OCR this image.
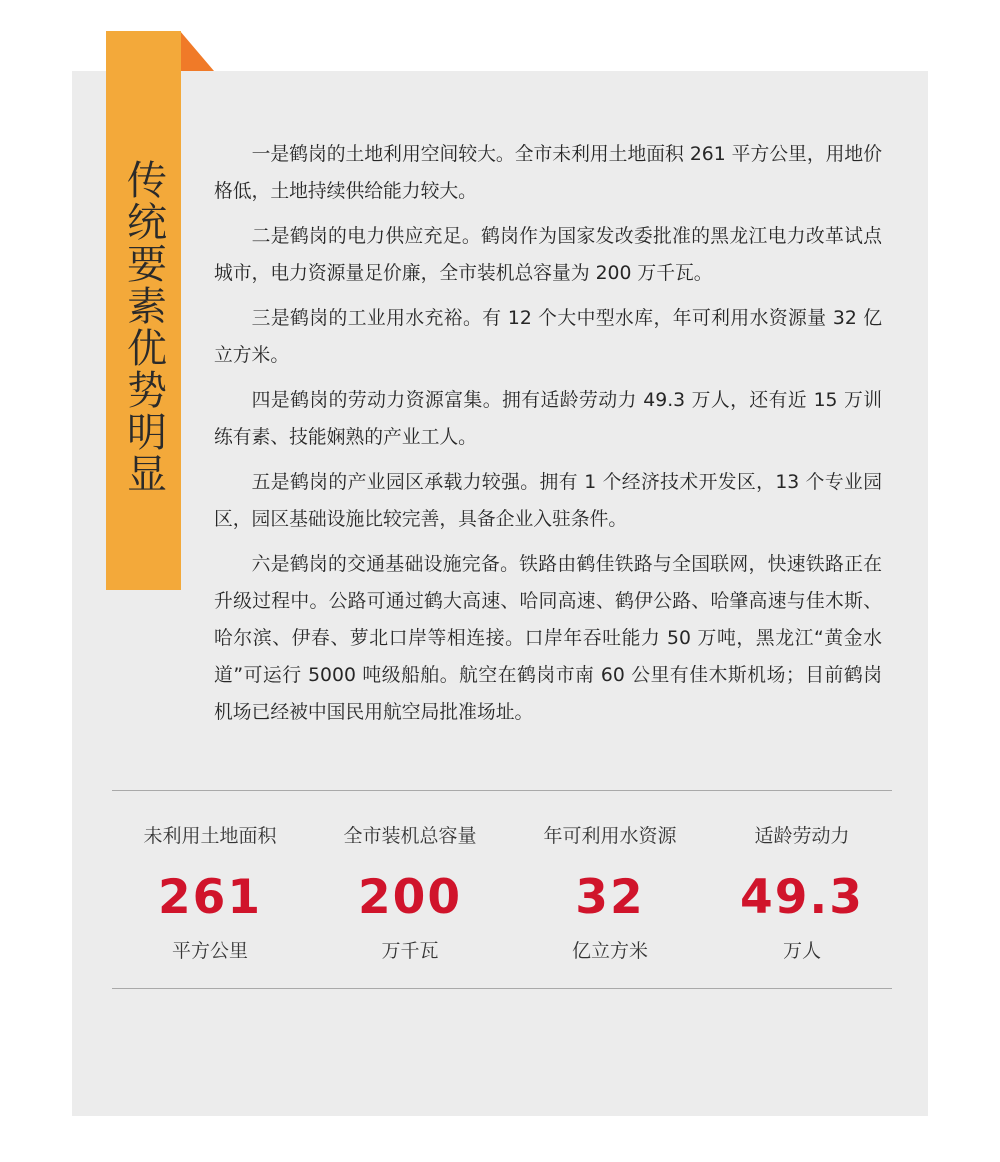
传统要素优势明显

一是鹤岗的土地利用空间较大。全市未利用土地面积 261 平方公里，用地价格低，土地持续供给能力较大。

二是鹤岗的电力供应充足。鹤岗作为国家发改委批准的黑龙江电力改革试点城市，电力资源量足价廉，全市装机总容量为 200 万千瓦。

三是鹤岗的工业用水充裕。有 12 个大中型水库，年可利用水资源量 32 亿立方米。

四是鹤岗的劳动力资源富集。拥有适龄劳动力 49.3 万人，还有近 15 万训练有素、技能娴熟的产业工人。

五是鹤岗的产业园区承载力较强。拥有 1 个经济技术开发区，13 个专业园区，园区基础设施比较完善，具备企业入驻条件。

六是鹤岗的交通基础设施完备。铁路由鹤佳铁路与全国联网，快速铁路正在升级过程中。公路可通过鹤大高速、哈同高速、鹤伊公路、哈肇高速与佳木斯、哈尔滨、伊春、萝北口岸等相连接。口岸年吞吐能力 50 万吨，黑龙江“黄金水道”可运行 5000 吨级船舶。航空在鹤岗市南 60 公里有佳木斯机场；目前鹤岗机场已经被中国民用航空局批准场址。

未利用土地面积
261
平方公里
全市装机总容量
200
万千瓦
年可利用水资源
32
亿立方米
适龄劳动力
49.3
万人
